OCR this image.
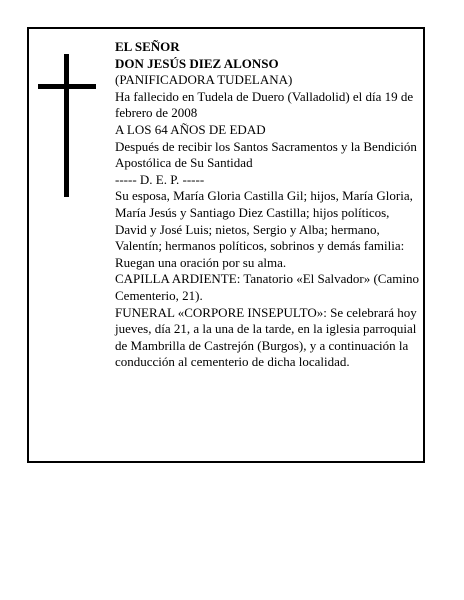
EL SEÑOR
DON JESÚS DIEZ ALONSO
(PANIFICADORA TUDELANA)
Ha fallecido en Tudela de Duero (Valladolid) el día 19 de febrero de 2008
A LOS 64 AÑOS DE EDAD
Después de recibir los Santos Sacramentos y la Bendición Apostólica de Su Santidad
----- D. E. P. -----
Su esposa, María Gloria Castilla Gil; hijos, María Gloria, María Jesús y Santiago Diez Castilla; hijos políticos, David y José Luis; nietos, Sergio y Alba; hermano, Valentín; hermanos políticos, sobrinos y demás familia:
Ruegan una oración por su alma.
CAPILLA ARDIENTE: Tanatorio «El Salvador» (Camino Cementerio, 21).
FUNERAL «CORPORE INSEPULTO»: Se celebrará hoy jueves, día 21, a la una de la tarde, en la iglesia parroquial de Mambrilla de Castrejón (Burgos), y a continuación la conducción al cementerio de dicha localidad.
